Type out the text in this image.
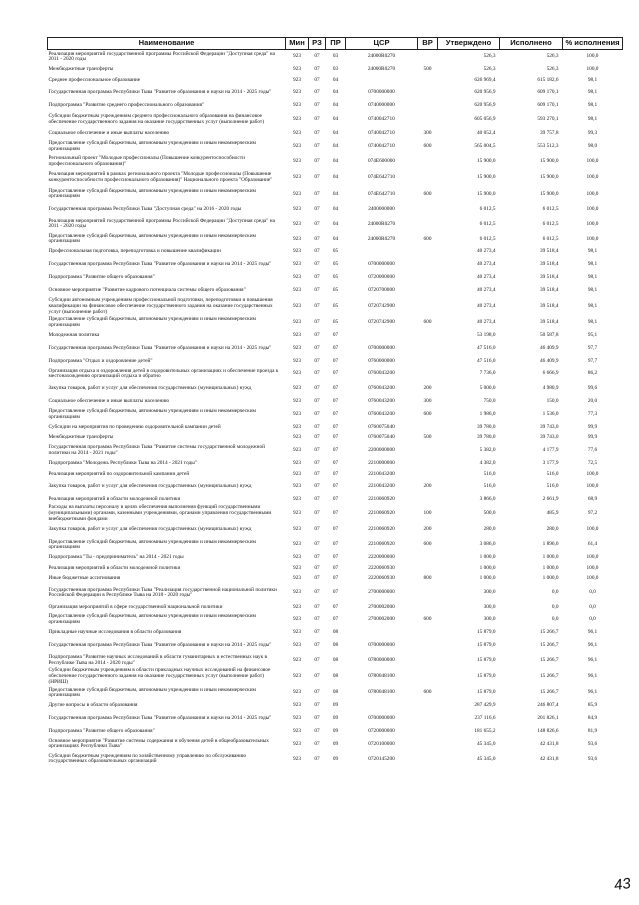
Наименование	Мин	РЗ	ПР	ЦСР	ВР	Утверждено	Исполнено	% исполнения
Реализация мероприятий государственной программы Российской Федерации "Доступная среда" на 2011 - 2020 годы	923	07	03	24000R0270		526,3	526,3	100,0
Межбюджетные трансферты	923	07	03	24000R0270	500	526,3	526,3	100,0
Среднее профессиональное образование	923	07	04			626 969,4	615 182,6	98,1
Государственная программа Республики Тыва "Развитие образования и науки на 2014 - 2025 годы"	923	07	04	0700000000		620 956,9	609 170,1	98,1
Подпрограмма "Развитие среднего профессионального образования"	923	07	04	0740000000		620 956,9	609 170,1	98,1
Субсидии бюджетным учреждениям среднего профессионального образования на финансовое обеспечение государственного задания на оказание государственных услуг (выполнение работ)	923	07	04	0740042710		605 056,9	593 270,1	98,1
Социальное обеспечение и иные выплаты населению	923	07	04	0740042710	300	40 052,4	39 757,8	99,3
Предоставление субсидий бюджетным, автономным учреждениям и иным некоммерческим организациям	923	07	04	0740042710	600	565 004,5	553 512,3	98,0
Региональный проект "Молодые профессионалы (Повышение конкурентоспособности профессионального образования)"	923	07	04	074E600000		15 900,0	15 900,0	100,0
Реализация мероприятий в рамках регионального проекта "Молодые профессионалы (Повышение конкурентоспособности профессионального образования)" Национального проекта "Образование"	923	07	04	074E642710		15 900,0	15 900,0	100,0
Предоставление субсидий бюджетным, автономным учреждениям и иным некоммерческим организациям	923	07	04	074E642710	600	15 900,0	15 900,0	100,0
Государственная программа Республики Тыва "Доступная среда" на 2016 - 2020 годы	923	07	04	2400000000		6 012,5	6 012,5	100,0
Реализация мероприятий государственной программы Российской Федерации "Доступная среда" на 2011 - 2020 годы	923	07	04	24000R0270		6 012,5	6 012,5	100,0
Предоставление субсидий бюджетным, автономным учреждениям и иным некоммерческим организациям	923	07	04	24000R0270	600	6 012,5	6 012,5	100,0
Профессиональная подготовка, переподготовка и повышение квалификации	923	07	05			40 273,4	39 518,4	98,1
Государственная программа Республики Тыва "Развитие образования и науки на 2014 - 2025 годы"	923	07	05	0700000000		40 273,4	39 518,4	98,1
Подпрограмма "Развитие общего образования"	923	07	05	0720000000		40 273,4	39 518,4	98,1
Основное мероприятие "Развитие кадрового потенциала системы общего образования"	923	07	05	0720700000		40 273,4	39 518,4	98,1
Субсидии автономным учреждениям профессиональной подготовки, переподготовки и повышения квалификации на финансовое обеспечение государственного задания на оказание государственных услуг (выполнение работ)	923	07	05	0720742900		40 273,4	39 518,4	98,1
Предоставление субсидий бюджетным, автономным учреждениям и иным некоммерческим организациям	923	07	05	0720742900	600	40 273,4	39 518,4	98,1
Молодежная политика	923	07	07			53 198,0	50 587,8	95,1
Государственная программа Республики Тыва "Развитие образования и науки на 2014 - 2025 годы"	923	07	07	0700000000		47 516,0	46 409,9	97,7
Подпрограмма "Отдых и оздоровление детей"	923	07	07	0760000000		47 516,0	46 409,9	97,7
Организация отдыха и оздоровления детей в оздоровительных организациях и обеспечение проезда к местонахождению организаций отдыха и обратно	923	07	07	0760043200		7 736,0	6 666,9	86,2
Закупка товаров, работ и услуг для обеспечения государственных (муниципальных) нужд	923	07	07	0760043200	200	5 000,0	4 980,9	99,6
Социальное обеспечение и иные выплаты населению	923	07	07	0760043200	300	750,0	150,0	20,0
Предоставление субсидий бюджетным, автономным учреждениям и иным некоммерческим организациям	923	07	07	0760043200	600	1 986,0	1 536,0	77,3
Субсидии на мероприятия по проведению оздоровительной кампании детей	923	07	07	0760075040		39 780,0	39 743,0	99,9
Межбюджетные трансферты	923	07	07	0760075040	500	39 780,0	39 743,0	99,9
Государственная программа Республики Тыва "Развитие системы государственной молодежной политики на 2014 - 2021 годы"	923	07	07	2200000000		5 382,0	4 177,9	77,6
Подпрограмма "Молодежь Республики Тыва на 2014 - 2021 годы"	923	07	07	2210000000		4 382,0	3 177,9	72,5
Реализация мероприятий по оздоровительной кампании детей	923	07	07	2210043200		516,0	516,0	100,0
Закупка товаров, работ и услуг для обеспечения государственных (муниципальных) нужд	923	07	07	2210043200	200	516,0	516,0	100,0
Реализация мероприятий в области молодежной политики	923	07	07	2210060920		3 866,0	2 661,9	68,9
Расходы на выплаты персоналу в целях обеспечения выполнения функций государственными (муниципальными) органами, казенными учреждениями, органами управления государственными внебюджетными фондами	923	07	07	2210060920	100	500,0	485,9	97,2
Закупка товаров, работ и услуг для обеспечения государственных (муниципальных) нужд	923	07	07	2210060920	200	280,0	280,0	100,0
Предоставление субсидий бюджетным, автономным учреждениям и иным некоммерческим организациям	923	07	07	2210060920	600	3 086,0	1 896,0	61,4
Подпрограмма "Ты - предприниматель" на 2014 - 2021 годы	923	07	07	2220000000		1 000,0	1 000,0	100,0
Реализация мероприятий в области молодежной политики	923	07	07	2220060930		1 000,0	1 000,0	100,0
Иные бюджетные ассигнования	923	07	07	2220060930	800	1 000,0	1 000,0	100,0
Государственная программа Республики Тыва "Реализация государственной национальной политики Российской Федерации в Республике Тыва на 2018 - 2020 годы"	923	07	07	2700000000		300,0	0,0	0,0
Организация мероприятий в сфере государственной национальной политики	923	07	07	2700002000		300,0	0,0	0,0
Предоставление субсидий бюджетным, автономным учреждениям и иным некоммерческим организациям	923	07	07	2700002000	600	300,0	0,0	0,0
Прикладные научные исследования в области образования	923	07	08			15 879,0	15 266,7	96,1
Государственная программа Республики Тыва "Развитие образования и науки на 2014 - 2025 годы"	923	07	08	0700000000		15 879,0	15 266,7	96,1
Подпрограмма "Развитие научных исследований в области гуманитарных и естественных наук в Республике Тыва на 2014 - 2020 годы"	923	07	08	0780000000		15 879,0	15 266,7	96,1
Субсидии бюджетным учреждениям в области прикладных научных исследований на финансовое обеспечение государственного задания на оказание государственных услуг (выполнение работ) (НРИШ)	923	07	08	0780048100		15 879,0	15 266,7	96,1
Предоставление субсидий бюджетным, автономным учреждениям и иным некоммерческим организациям	923	07	08	0780048100	600	15 879,0	15 266,7	96,1
Другие вопросы в области образования	923	07	09			287 429,9	246 807,4	85,9
Государственная программа Республики Тыва "Развитие образования и науки на 2014 - 2025 годы"	923	07	09	0700000000		237 116,6	201 826,1	84,9
Подпрограмма "Развитие общего образования"	923	07	09	0720000000		181 655,2	148 826,6	81,9
Основное мероприятие "Развитие системы содержания и обучения детей в общеобразовательных организациях Республики Тыва"	923	07	09	0720100000		45 345,0	42 431,8	93,6
Субсидии бюджетным учреждениям по хозяйственному управлению по обслуживанию государственных образовательных организаций	923	07	09	0720145200		45 345,0	42 431,8	93,6
43
